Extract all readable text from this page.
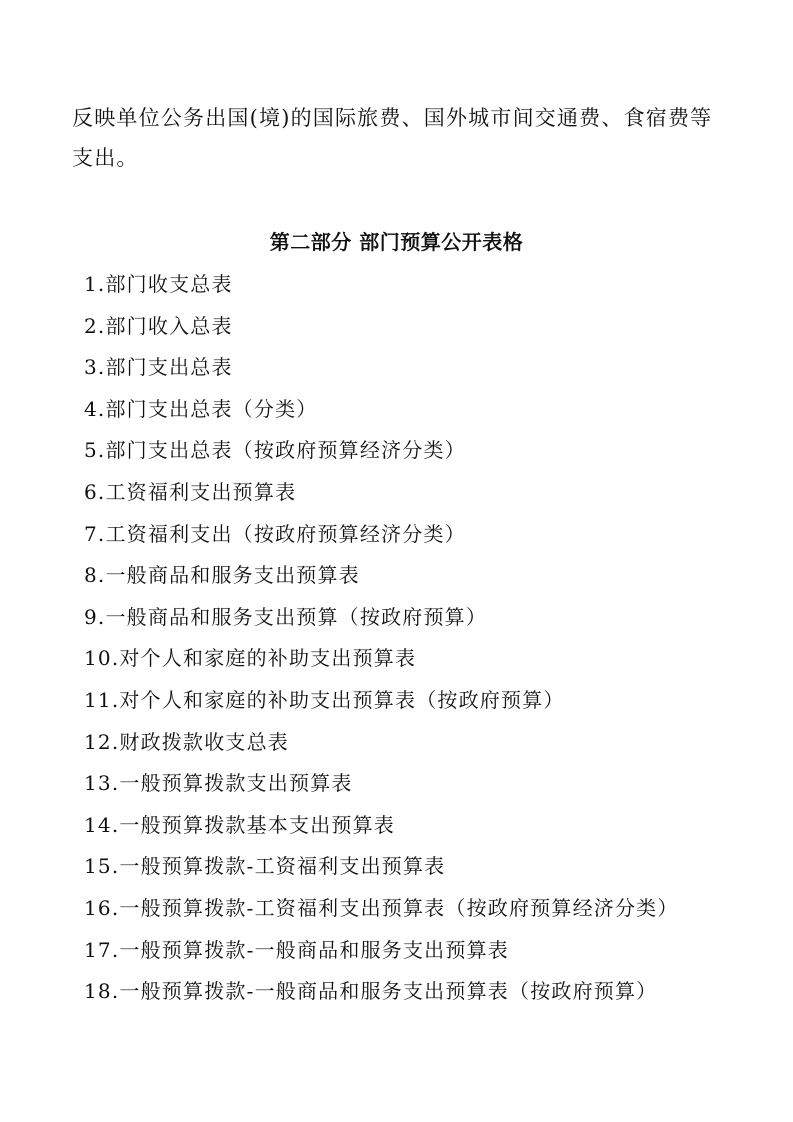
反映单位公务出国(境)的国际旅费、国外城市间交通费、食宿费等支出。

第二部分 部门预算公开表格
1.部门收支总表
2.部门收入总表
3.部门支出总表
4.部门支出总表（分类）
5.部门支出总表（按政府预算经济分类）
6.工资福利支出预算表
7.工资福利支出（按政府预算经济分类）
8.一般商品和服务支出预算表
9.一般商品和服务支出预算（按政府预算）
10.对个人和家庭的补助支出预算表
11.对个人和家庭的补助支出预算表（按政府预算）
12.财政拨款收支总表
13.一般预算拨款支出预算表
14.一般预算拨款基本支出预算表
15.一般预算拨款-工资福利支出预算表
16.一般预算拨款-工资福利支出预算表（按政府预算经济分类）
17.一般预算拨款-一般商品和服务支出预算表
18.一般预算拨款-一般商品和服务支出预算表（按政府预算）
